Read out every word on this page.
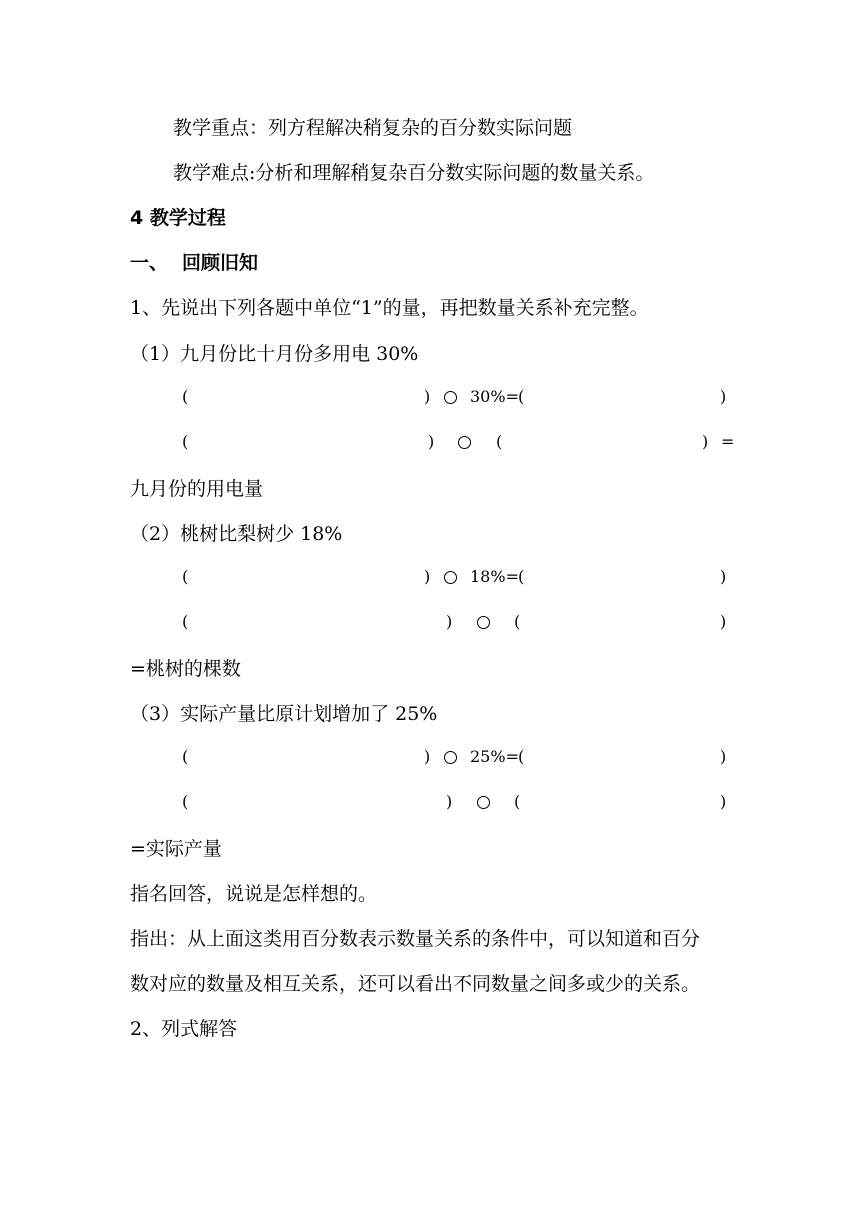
教学重点：列方程解决稍复杂的百分数实际问题
教学难点:分析和理解稍复杂百分数实际问题的数量关系。
4 教学过程
一、 回顾旧知
1、先说出下列各题中单位“1”的量，再把数量关系补充完整。
（1）九月份比十月份多用电 30%
(	) 30%= (	)
(	)	(	) =
九月份的用电量
（2）桃树比梨树少 18%
(	) 18%= (	)
(	)	(	)
=桃树的棵数
（3）实际产量比原计划增加了 25%
(	) 25%= (	)
(	)	(	)
=实际产量
指名回答，说说是怎样想的。
指出：从上面这类用百分数表示数量关系的条件中，可以知道和百分
数对应的数量及相互关系，还可以看出不同数量之间多或少的关系。
2、列式解答
